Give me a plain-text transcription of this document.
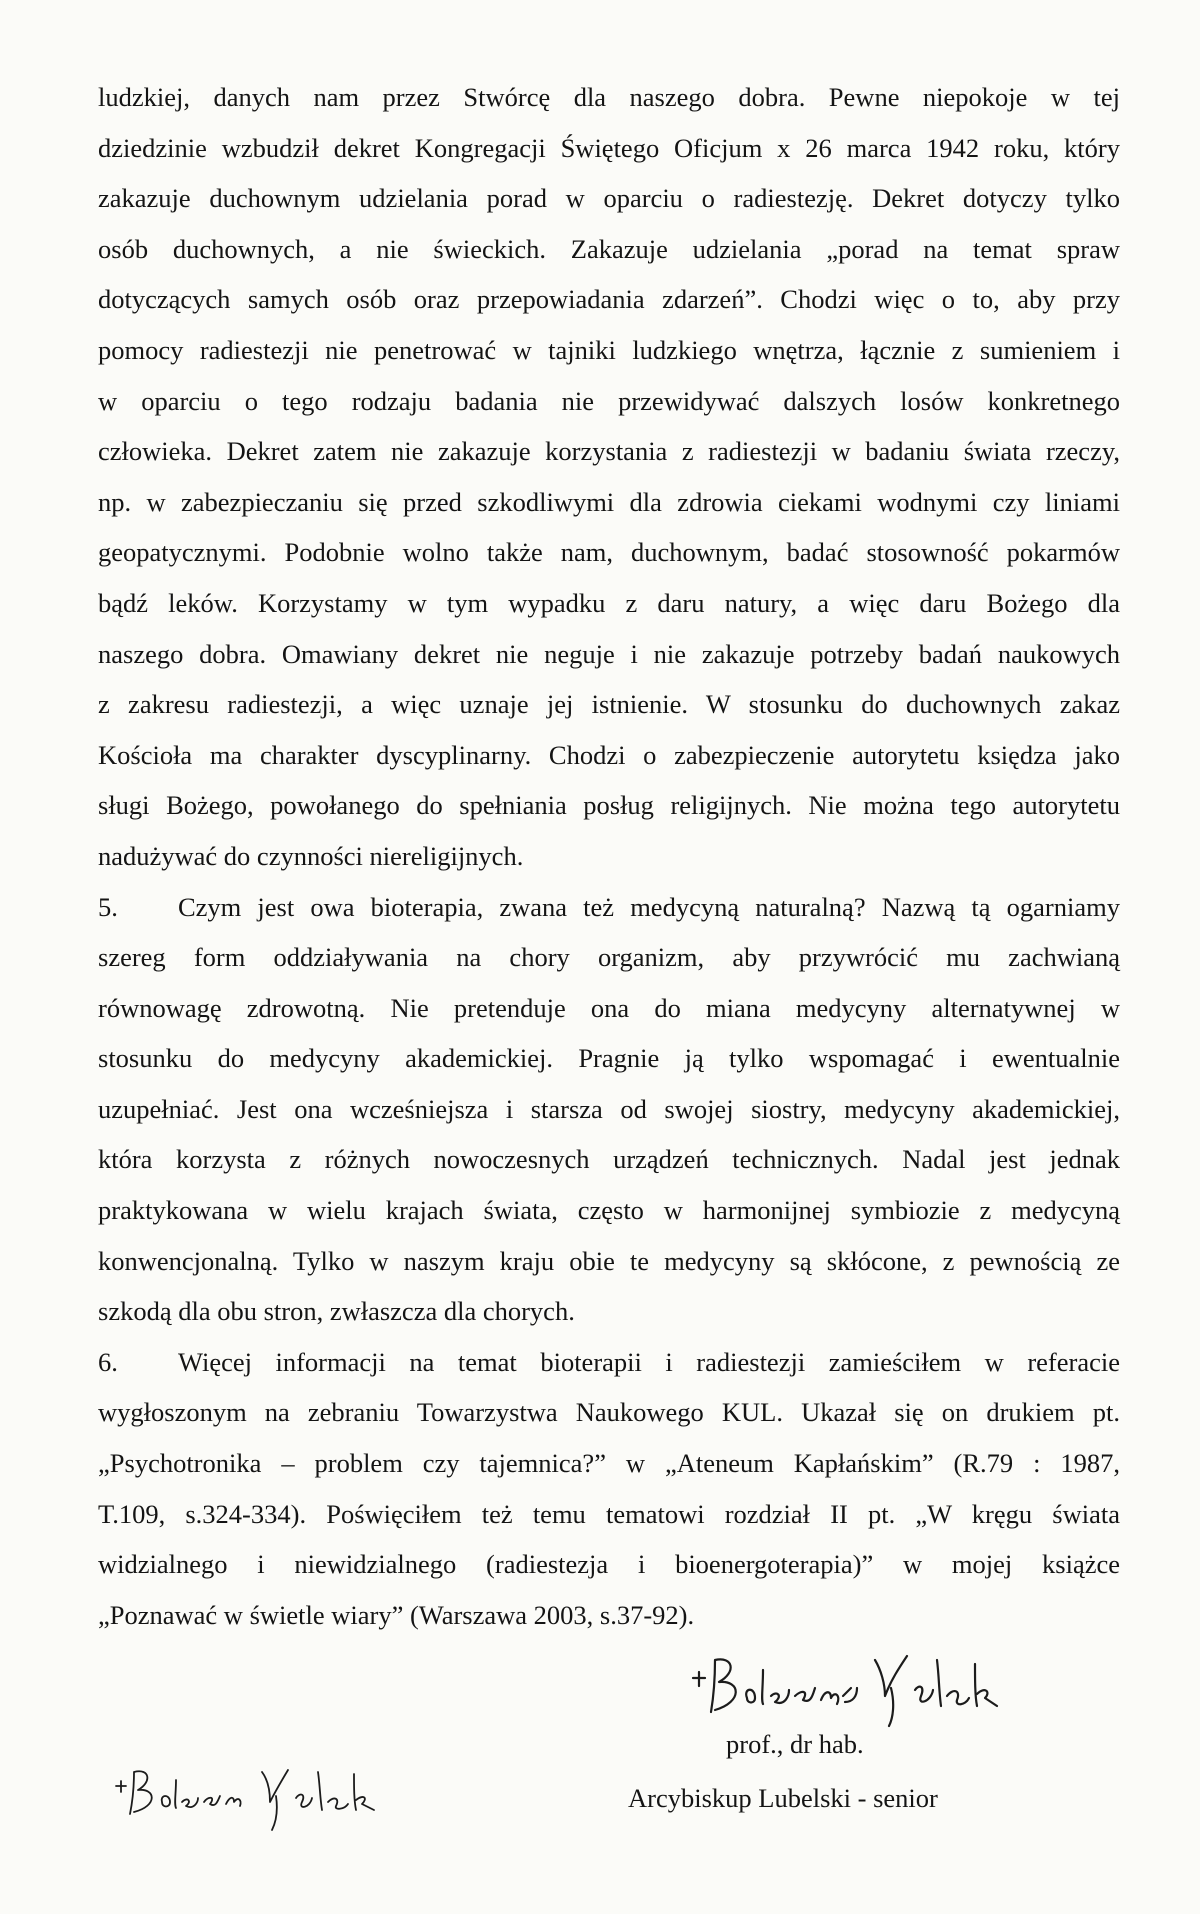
ludzkiej, danych nam przez Stwórcę dla naszego dobra. Pewne niepokoje w tej
dziedzinie wzbudził dekret Kongregacji Świętego Oficjum x 26 marca 1942 roku, który
zakazuje duchownym udzielania porad w oparciu o radiestezję. Dekret dotyczy tylko
osób duchownych, a nie świeckich. Zakazuje udzielania „porad na temat spraw
dotyczących samych osób oraz przepowiadania zdarzeń”. Chodzi więc o to, aby przy
pomocy radiestezji nie penetrować w tajniki ludzkiego wnętrza, łącznie z sumieniem i
w oparciu o tego rodzaju badania nie przewidywać dalszych losów konkretnego
człowieka. Dekret zatem nie zakazuje korzystania z radiestezji w badaniu świata rzeczy,
np. w zabezpieczaniu się przed szkodliwymi dla zdrowia ciekami wodnymi czy liniami
geopatycznymi. Podobnie wolno także nam, duchownym, badać stosowność pokarmów
bądź leków. Korzystamy w tym wypadku z daru natury, a więc daru Bożego dla
naszego dobra. Omawiany dekret nie neguje i nie zakazuje potrzeby badań naukowych
z zakresu radiestezji, a więc uznaje jej istnienie. W stosunku do duchownych zakaz
Kościoła ma charakter dyscyplinarny. Chodzi o zabezpieczenie autorytetu księdza jako
sługi Bożego, powołanego do spełniania posług religijnych. Nie można tego autorytetu
nadużywać do czynności niereligijnych.

5.	Czym jest owa bioterapia, zwana też medycyną naturalną? Nazwą tą ogarniamy
szereg form oddziaływania na chory organizm, aby przywrócić mu zachwianą
równowagę zdrowotną. Nie pretenduje ona do miana medycyny alternatywnej w
stosunku do medycyny akademickiej. Pragnie ją tylko wspomagać i ewentualnie
uzupełniać. Jest ona wcześniejsza i starsza od swojej siostry, medycyny akademickiej,
która korzysta z różnych nowoczesnych urządzeń technicznych. Nadal jest jednak
praktykowana w wielu krajach świata, często w harmonijnej symbiozie z medycyną
konwencjonalną. Tylko w naszym kraju obie te medycyny są skłócone, z pewnością ze
szkodą dla obu stron, zwłaszcza dla chorych.
6.	Więcej informacji na temat bioterapii i radiestezji zamieściłem w referacie
wygłoszonym na zebraniu Towarzystwa Naukowego KUL. Ukazał się on drukiem pt.
„Psychotronika – problem czy tajemnica?” w „Ateneum Kapłańskim” (R.79 : 1987,
T.109, s.324-334). Poświęciłem też temu tematowi rozdział II pt. „W kręgu świata
widzialnego i niewidzialnego (radiestezja i bioenergoterapia)” w mojej książce
„Poznawać w świetle wiary” (Warszawa 2003, s.37-92).
prof., dr hab.
Arcybiskup Lubelski - senior
